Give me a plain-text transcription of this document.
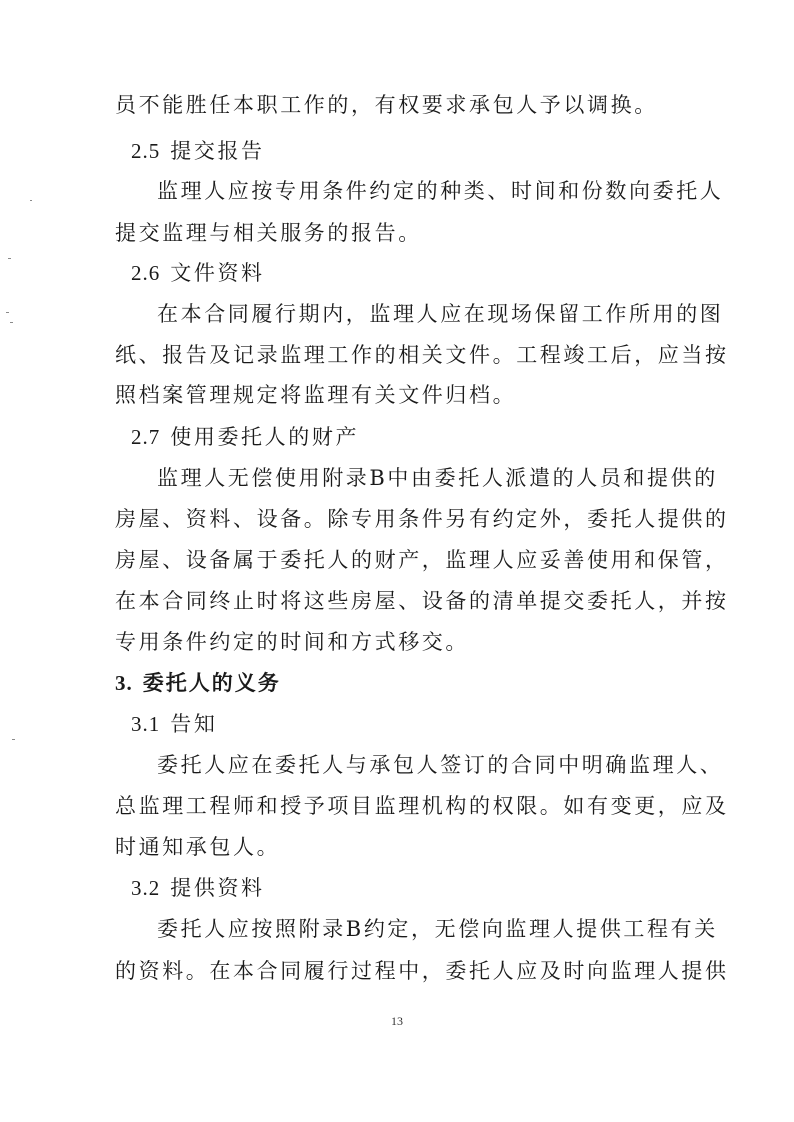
员不能胜任本职工作的，有权要求承包人予以调换。
2.5 提交报告
监理人应按专用条件约定的种类、时间和份数向委托人
提交监理与相关服务的报告。
2.6 文件资料
在本合同履行期内，监理人应在现场保留工作所用的图
纸、报告及记录监理工作的相关文件。工程竣工后，应当按
照档案管理规定将监理有关文件归档。
2.7 使用委托人的财产
监理人无偿使用附录B中由委托人派遣的人员和提供的
房屋、资料、设备。除专用条件另有约定外，委托人提供的
房屋、设备属于委托人的财产，监理人应妥善使用和保管，
在本合同终止时将这些房屋、设备的清单提交委托人，并按
专用条件约定的时间和方式移交。
3. 委托人的义务
3.1 告知
委托人应在委托人与承包人签订的合同中明确监理人、
总监理工程师和授予项目监理机构的权限。如有变更，应及
时通知承包人。
3.2 提供资料
委托人应按照附录B约定，无偿向监理人提供工程有关
的资料。在本合同履行过程中，委托人应及时向监理人提供
13
